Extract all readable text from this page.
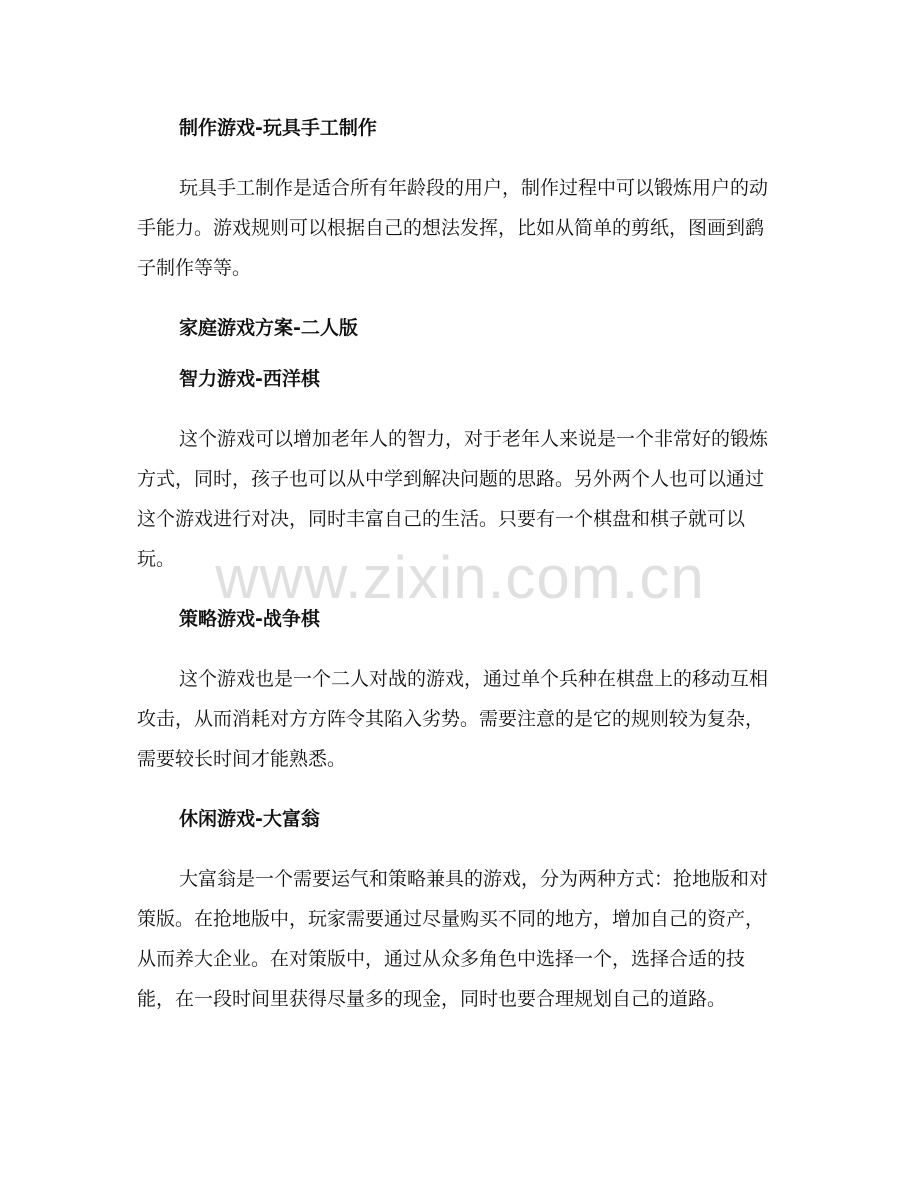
制作游戏-玩具手工制作

玩具手工制作是适合所有年龄段的用户，制作过程中可以锻炼用户的动手能力。游戏规则可以根据自己的想法发挥，比如从简单的剪纸，图画到鹞子制作等等。

家庭游戏方案-二人版
智力游戏-西洋棋

这个游戏可以增加老年人的智力，对于老年人来说是一个非常好的锻炼方式，同时，孩子也可以从中学到解决问题的思路。另外两个人也可以通过这个游戏进行对决，同时丰富自己的生活。只要有一个棋盘和棋子就可以玩。

策略游戏-战争棋

这个游戏也是一个二人对战的游戏，通过单个兵种在棋盘上的移动互相攻击，从而消耗对方方阵令其陷入劣势。需要注意的是它的规则较为复杂，需要较长时间才能熟悉。

休闲游戏-大富翁

大富翁是一个需要运气和策略兼具的游戏，分为两种方式：抢地版和对策版。在抢地版中，玩家需要通过尽量购买不同的地方，增加自己的资产，从而养大企业。在对策版中，通过从众多角色中选择一个，选择合适的技能，在一段时间里获得尽量多的现金，同时也要合理规划自己的道路。

www.zixin.com.cn
